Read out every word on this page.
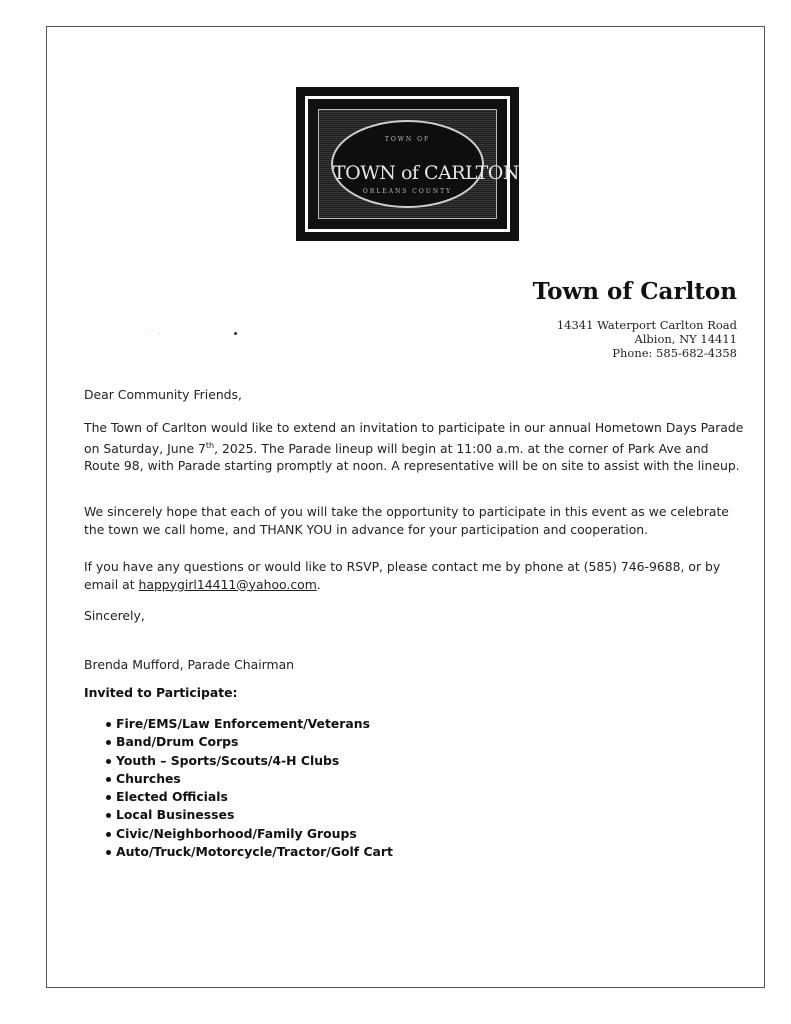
TOWN OF
TOWN of CARLTON
ORLEANS COUNTY
Town of Carlton
14341 Waterport Carlton Road
Albion, NY 14411
Phone: 585-682-4358
· ·
Dear Community Friends,
The Town of Carlton would like to extend an invitation to participate in our annual Hometown Days Parade on Saturday, June 7th, 2025. The Parade lineup will begin at 11:00 a.m. at the corner of Park Ave and Route 98, with Parade starting promptly at noon. A representative will be on site to assist with the lineup.
We sincerely hope that each of you will take the opportunity to participate in this event as we celebrate the town we call home, and THANK YOU in advance for your participation and cooperation.
If you have any questions or would like to RSVP, please contact me by phone at (585) 746-9688, or by email at happygirl14411@yahoo.com.
Sincerely,
Brenda Mufford, Parade Chairman
Invited to Participate:
Fire/EMS/Law Enforcement/Veterans
Band/Drum Corps
Youth – Sports/Scouts/4-H Clubs
Churches
Elected Officials
Local Businesses
Civic/Neighborhood/Family Groups
Auto/Truck/Motorcycle/Tractor/Golf Cart
